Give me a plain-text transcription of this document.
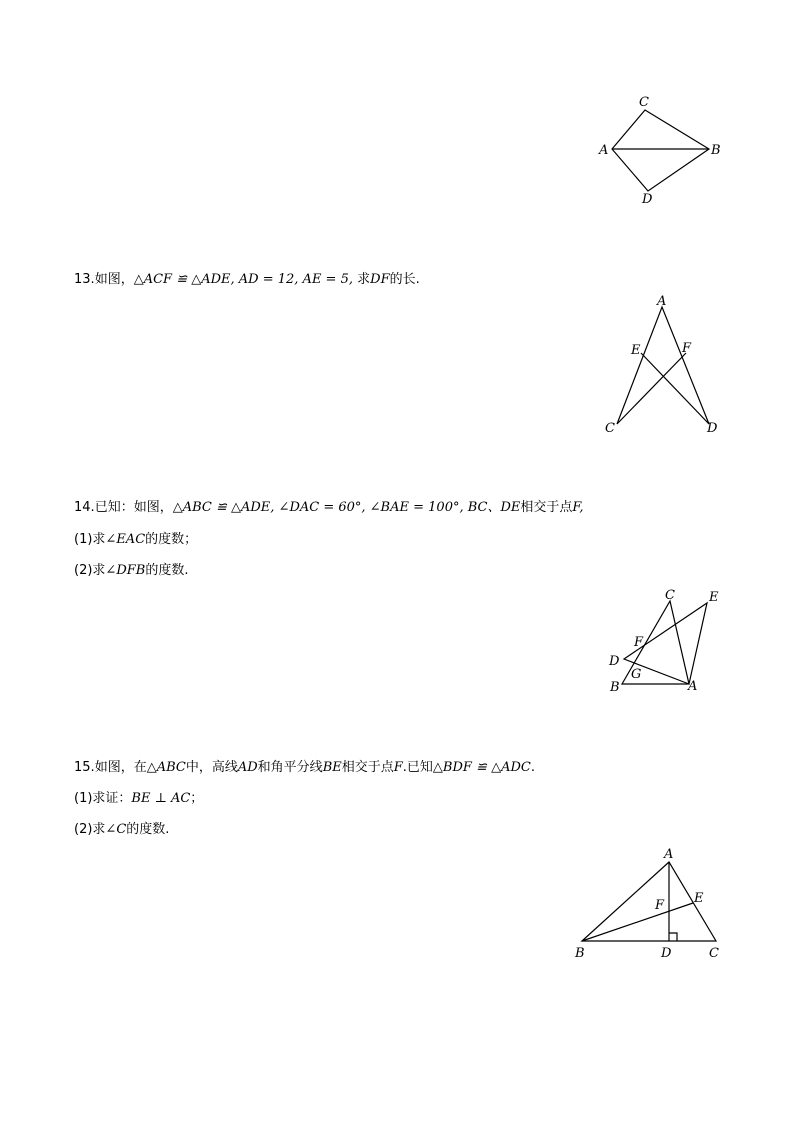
C
A	B
D
13.如图，△ACF ≌ △ADE, AD = 12, AE = 5, 求DF的长.
A
E	F
C	D
14.已知：如图，△ABC ≌ △ADE, ∠DAC = 60°, ∠BAE = 100°, BC、DE相交于点F,
(1)求∠EAC的度数；
(2)求∠DFB的度数.
C	E
F
D
G
B	A
15.如图，在△ABC中，高线AD和角平分线BE相交于点F.已知△BDF ≌ △ADC.
(1)求证：BE ⊥ AC；
(2)求∠C的度数.
A
E
F
B	D	C
